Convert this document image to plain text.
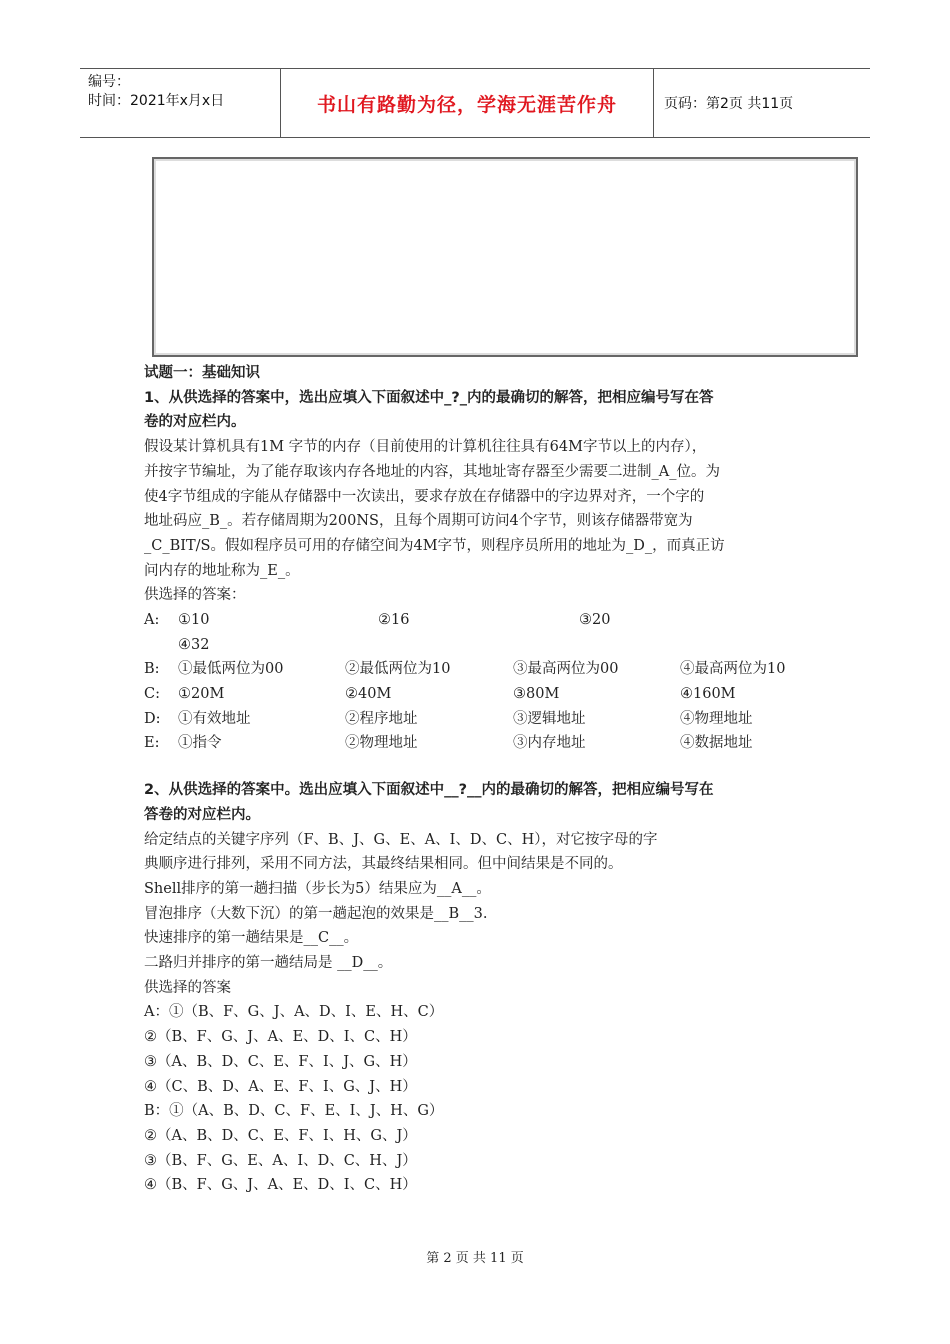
编号：
时间：2021年x月x日	书山有路勤为径，学海无涯苦作舟	页码：第2页 共11页
试题一：基础知识
1、从供选择的答案中，选出应填入下面叙述中_?_内的最确切的解答，把相应编号写在答
卷的对应栏内。
假设某计算机具有1M 字节的内存（目前使用的计算机往往具有64M字节以上的内存），
并按字节编址，为了能存取该内存各地址的内容，其地址寄存器至少需要二进制_A_位。为
使4字节组成的字能从存储器中一次读出，要求存放在存储器中的字边界对齐，一个字的
地址码应_B_。若存储周期为200NS，且每个周期可访问4个字节，则该存储器带宽为
_C_BIT/S。假如程序员可用的存储空间为4M字节，则程序员所用的地址为_D_，而真正访
问内存的地址称为_E_。
供选择的答案：
A:	①10	②16	③20
④32
B:	①最低两位为00	②最低两位为10	③最高两位为00	④最高两位为10
C:	①20M	②40M	③80M	④160M
D:	①有效地址	②程序地址	③逻辑地址	④物理地址
E:	①指令	②物理地址	③内存地址	④数据地址
2、从供选择的答案中。选出应填入下面叙述中__?__内的最确切的解答，把相应编号写在
答卷的对应栏内。
给定结点的关键字序列（F、B、J、G、E、A、I、D、C、H），对它按字母的字
典顺序进行排列，采用不同方法，其最终结果相同。但中间结果是不同的。
Shell排序的第一趟扫描（步长为5）结果应为__A__。
冒泡排序（大数下沉）的第一趟起泡的效果是__B__3.
快速排序的第一趟结果是__C__。
二路归并排序的第一趟结局是 __D__。
供选择的答案
A：①（B、F、G、J、A、D、I、E、H、C）
②（B、F、G、J、A、E、D、I、C、H）
③（A、B、D、C、E、F、I、J、G、H）
④（C、B、D、A、E、F、I、G、J、H）
B：①（A、B、D、C、F、E、I、J、H、G）
②（A、B、D、C、E、F、I、H、G、J）
③（B、F、G、E、A、I、D、C、H、J）
④（B、F、G、J、A、E、D、I、C、H）
第 2 页 共 11 页
